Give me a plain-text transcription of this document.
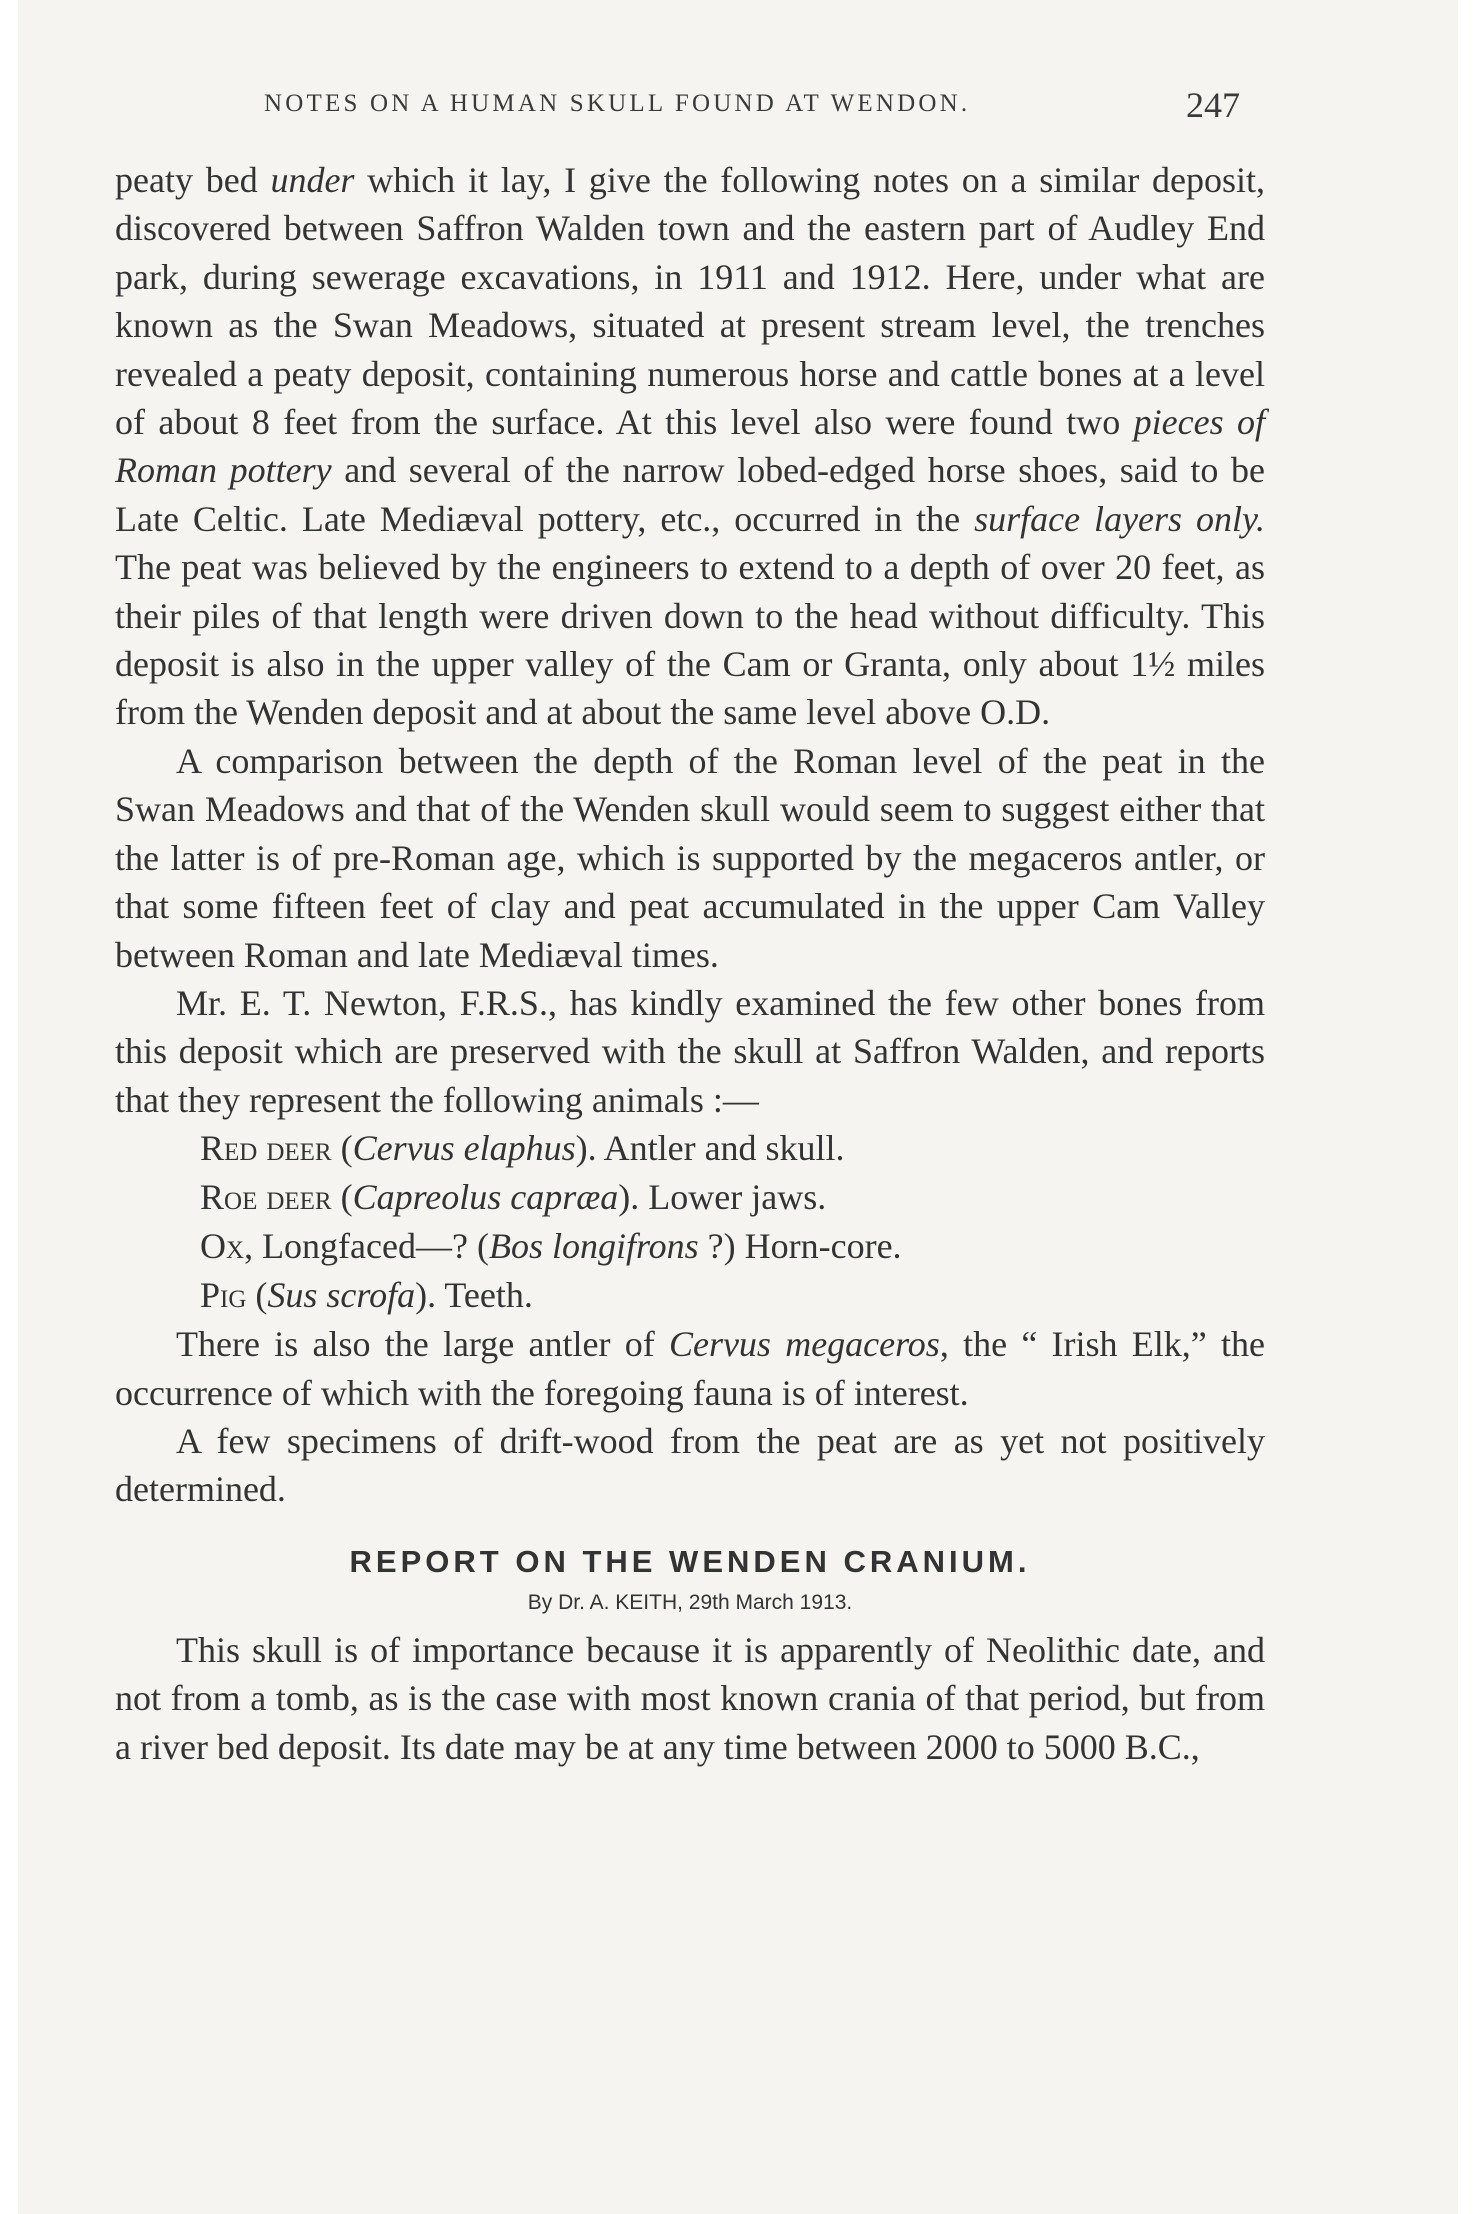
NOTES ON A HUMAN SKULL FOUND AT WENDON.	247

peaty bed under which it lay, I give the following notes on a similar deposit, discovered between Saffron Walden town and the eastern part of Audley End park, during sewerage excavations, in 1911 and 1912. Here, under what are known as the Swan Meadows, situated at present stream level, the trenches revealed a peaty deposit, containing numerous horse and cattle bones at a level of about 8 feet from the surface. At this level also were found two pieces of Roman pottery and several of the narrow lobed-edged horse shoes, said to be Late Celtic. Late Mediæval pottery, etc., occurred in the surface layers only. The peat was believed by the engineers to extend to a depth of over 20 feet, as their piles of that length were driven down to the head without difficulty. This deposit is also in the upper valley of the Cam or Granta, only about 1½ miles from the Wenden deposit and at about the same level above O.D.

A comparison between the depth of the Roman level of the peat in the Swan Meadows and that of the Wenden skull would seem to suggest either that the latter is of pre-Roman age, which is supported by the megaceros antler, or that some fifteen feet of clay and peat accumulated in the upper Cam Valley between Roman and late Mediæval times.

Mr. E. T. Newton, F.R.S., has kindly examined the few other bones from this deposit which are preserved with the skull at Saffron Walden, and reports that they represent the following animals :—

Red deer (Cervus elaphus). Antler and skull.

Roe deer (Capreolus capræa). Lower jaws.

Ox, Longfaced—? (Bos longifrons ?) Horn-core.

Pig (Sus scrofa). Teeth.

There is also the large antler of Cervus megaceros, the “ Irish Elk,” the occurrence of which with the foregoing fauna is of interest.

A few specimens of drift-wood from the peat are as yet not positively determined.

REPORT ON THE WENDEN CRANIUM.
By Dr. A. KEITH, 29th March 1913.

This skull is of importance because it is apparently of Neolithic date, and not from a tomb, as is the case with most known crania of that period, but from a river bed deposit. Its date may be at any time between 2000 to 5000 B.C.,
